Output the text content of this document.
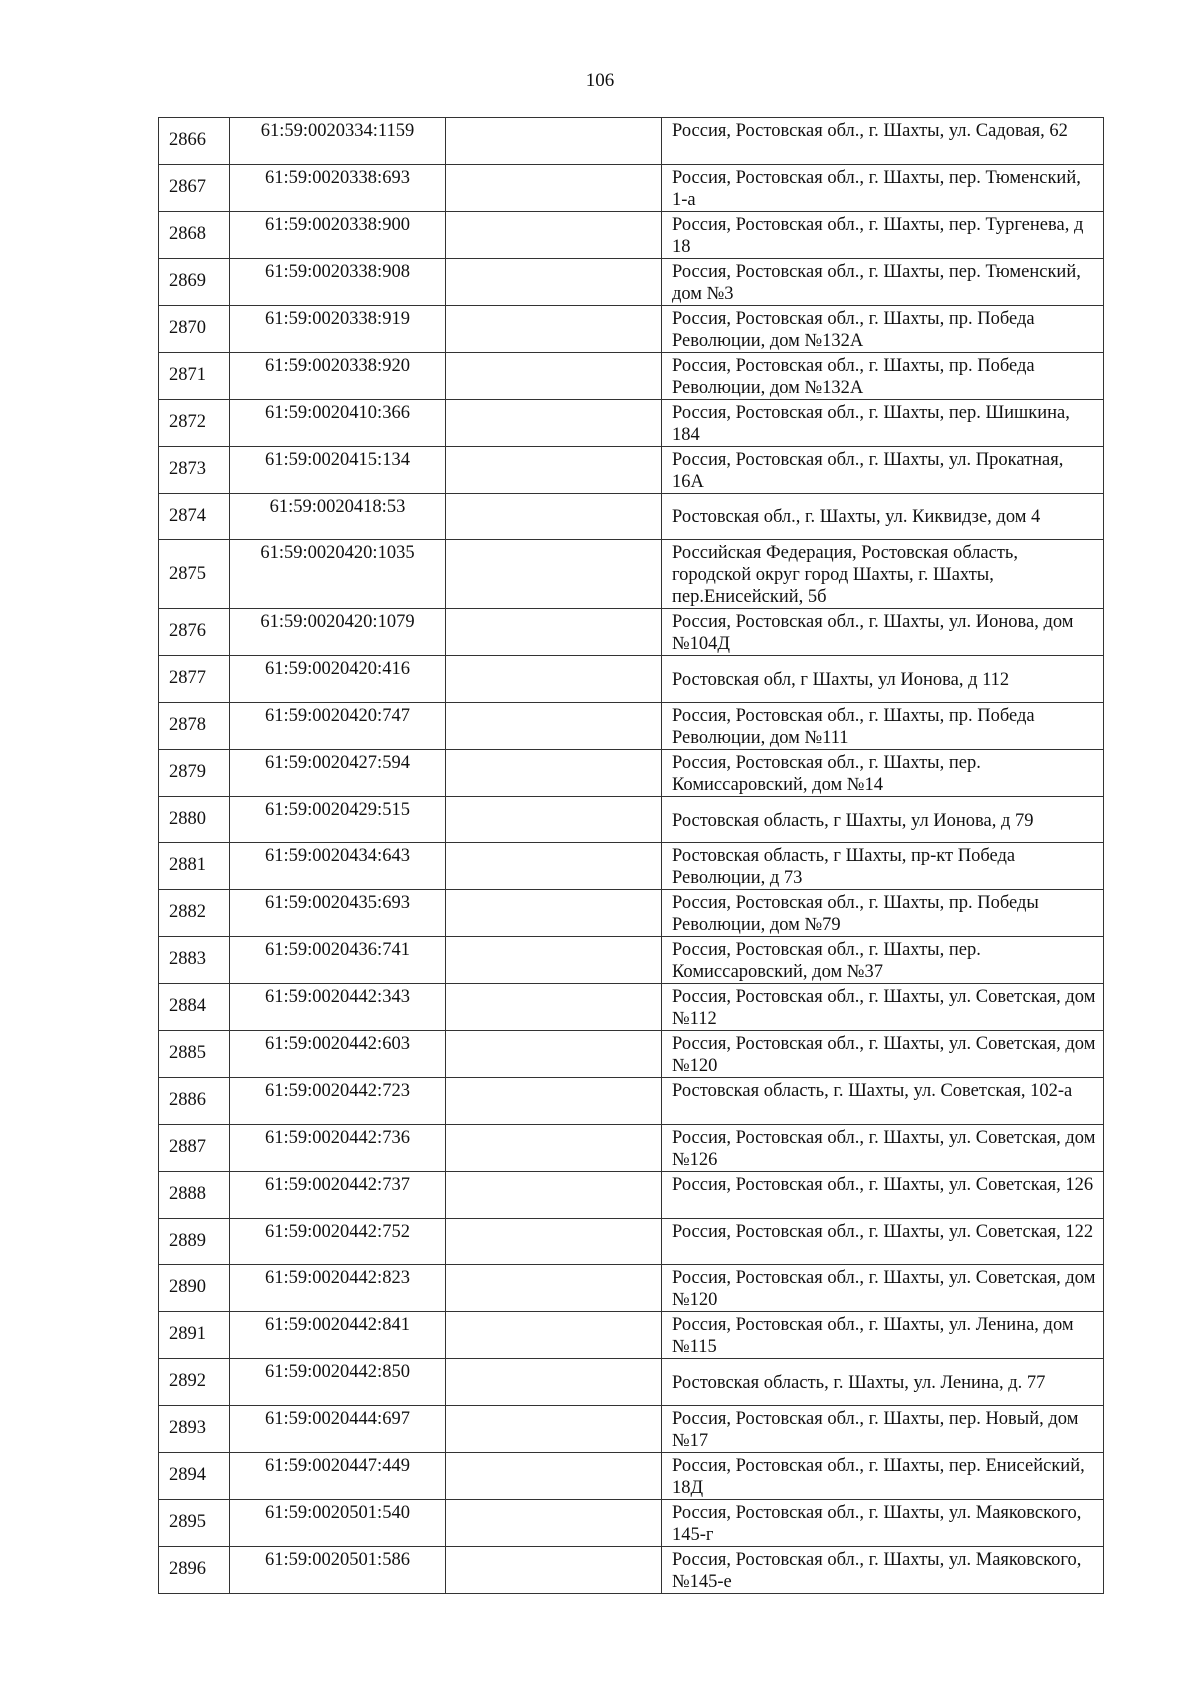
106
2866	61:59:0020334:1159		Россия, Ростовская обл., г. Шахты, ул. Садовая, 62
2867	61:59:0020338:693		Россия, Ростовская обл., г. Шахты, пер. Тюменский, 1-а
2868	61:59:0020338:900		Россия, Ростовская обл., г. Шахты, пер. Тургенева, д 18
2869	61:59:0020338:908		Россия, Ростовская обл., г. Шахты, пер. Тюменский, дом №3
2870	61:59:0020338:919		Россия, Ростовская обл., г. Шахты, пр. Победа Революции, дом №132А
2871	61:59:0020338:920		Россия, Ростовская обл., г. Шахты, пр. Победа Революции, дом №132А
2872	61:59:0020410:366		Россия, Ростовская обл., г. Шахты, пер. Шишкина, 184
2873	61:59:0020415:134		Россия, Ростовская обл., г. Шахты, ул. Прокатная, 16А
2874	61:59:0020418:53		Ростовская обл., г. Шахты, ул. Киквидзе, дом 4
2875	61:59:0020420:1035		Российская Федерация, Ростовская область, городской округ город Шахты, г. Шахты, пер.Енисейский, 5б
2876	61:59:0020420:1079		Россия, Ростовская обл., г. Шахты, ул. Ионова, дом №104Д
2877	61:59:0020420:416		Ростовская обл, г Шахты, ул Ионова, д 112
2878	61:59:0020420:747		Россия, Ростовская обл., г. Шахты, пр. Победа Революции, дом №111
2879	61:59:0020427:594		Россия, Ростовская обл., г. Шахты, пер. Комиссаровский, дом №14
2880	61:59:0020429:515		Ростовская область, г Шахты, ул Ионова, д 79
2881	61:59:0020434:643		Ростовская область, г Шахты, пр-кт Победа Революции, д 73
2882	61:59:0020435:693		Россия, Ростовская обл., г. Шахты, пр. Победы Революции, дом №79
2883	61:59:0020436:741		Россия, Ростовская обл., г. Шахты, пер. Комиссаровский, дом №37
2884	61:59:0020442:343		Россия, Ростовская обл., г. Шахты, ул. Советская, дом №112
2885	61:59:0020442:603		Россия, Ростовская обл., г. Шахты, ул. Советская, дом №120
2886	61:59:0020442:723		Ростовская область, г. Шахты, ул. Советская, 102-а
2887	61:59:0020442:736		Россия, Ростовская обл., г. Шахты, ул. Советская, дом №126
2888	61:59:0020442:737		Россия, Ростовская обл., г. Шахты, ул. Советская, 126
2889	61:59:0020442:752		Россия, Ростовская обл., г. Шахты, ул. Советская, 122
2890	61:59:0020442:823		Россия, Ростовская обл., г. Шахты, ул. Советская, дом №120
2891	61:59:0020442:841		Россия, Ростовская обл., г. Шахты, ул. Ленина, дом №115
2892	61:59:0020442:850		Ростовская область, г. Шахты, ул. Ленина, д. 77
2893	61:59:0020444:697		Россия, Ростовская обл., г. Шахты, пер. Новый, дом №17
2894	61:59:0020447:449		Россия, Ростовская обл., г. Шахты, пер. Енисейский, 18Д
2895	61:59:0020501:540		Россия, Ростовская обл., г. Шахты, ул. Маяковского, 145-г
2896	61:59:0020501:586		Россия, Ростовская обл., г. Шахты, ул. Маяковского, №145-е
